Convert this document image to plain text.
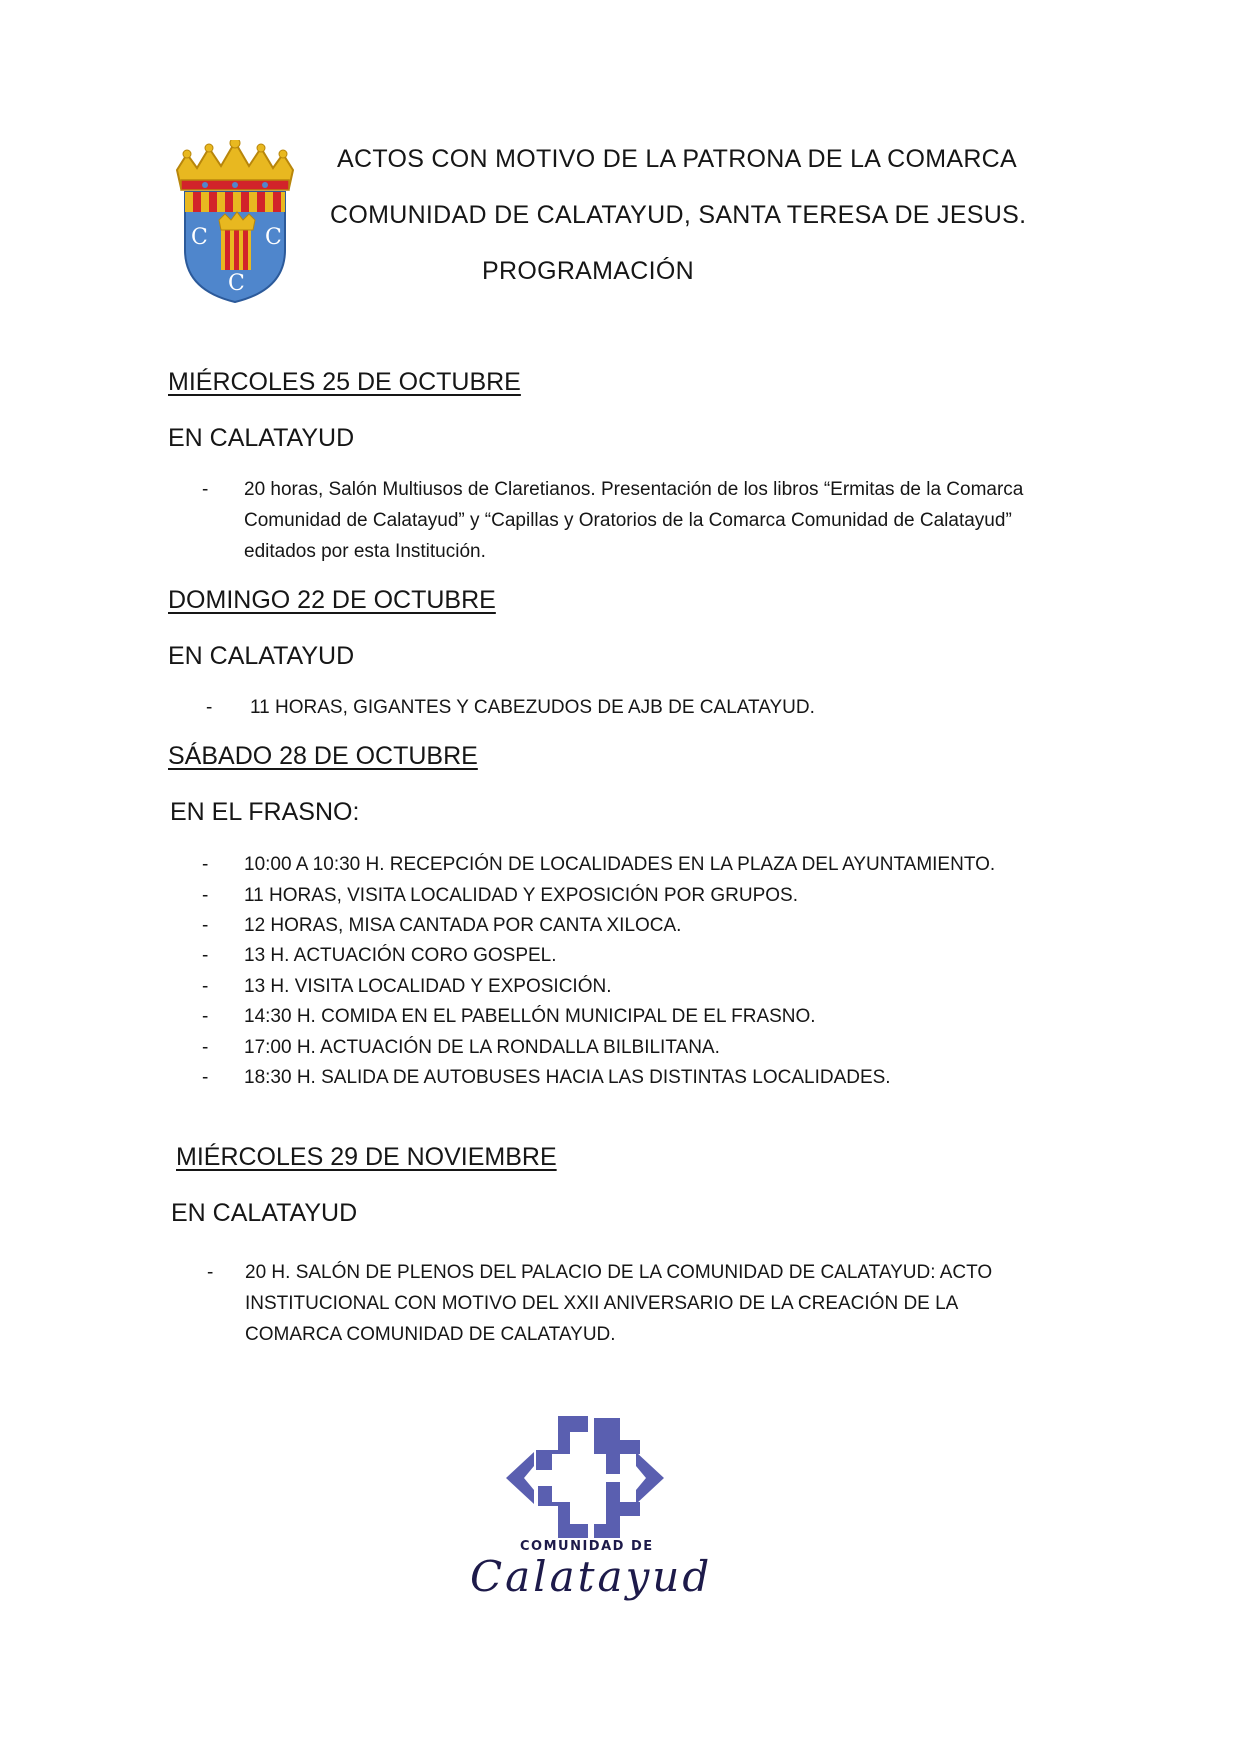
C	C
C
ACTOS CON MOTIVO DE LA PATRONA DE LA COMARCA
COMUNIDAD DE CALATAYUD, SANTA TERESA DE JESUS.
PROGRAMACIÓN
MIÉRCOLES 25 DE OCTUBRE
EN CALATAYUD
- 20 horas, Salón Multiusos de Claretianos. Presentación de los libros “Ermitas de la Comarca Comunidad de Calatayud” y “Capillas y Oratorios de la Comarca Comunidad de Calatayud” editados por esta Institución.
DOMINGO 22 DE OCTUBRE
EN CALATAYUD
- 11 HORAS, GIGANTES Y CABEZUDOS DE AJB DE CALATAYUD.
SÁBADO 28 DE OCTUBRE
EN EL FRASNO:
- 10:00 A 10:30 H. RECEPCIÓN DE LOCALIDADES EN LA PLAZA DEL AYUNTAMIENTO.
- 11 HORAS, VISITA LOCALIDAD Y EXPOSICIÓN POR GRUPOS.
- 12 HORAS, MISA CANTADA POR CANTA XILOCA.
- 13 H. ACTUACIÓN CORO GOSPEL.
- 13 H. VISITA LOCALIDAD Y EXPOSICIÓN.
- 14:30 H. COMIDA EN EL PABELLÓN MUNICIPAL DE EL FRASNO.
- 17:00 H. ACTUACIÓN DE LA RONDALLA BILBILITANA.
- 18:30 H. SALIDA DE AUTOBUSES HACIA LAS DISTINTAS LOCALIDADES.
MIÉRCOLES 29 DE NOVIEMBRE
EN CALATAYUD
- 20 H. SALÓN DE PLENOS DEL PALACIO DE LA COMUNIDAD DE CALATAYUD: ACTO INSTITUCIONAL CON MOTIVO DEL XXII ANIVERSARIO DE LA CREACIÓN DE LA COMARCA COMUNIDAD DE CALATAYUD.
COMUNIDAD DE
Calatayud
